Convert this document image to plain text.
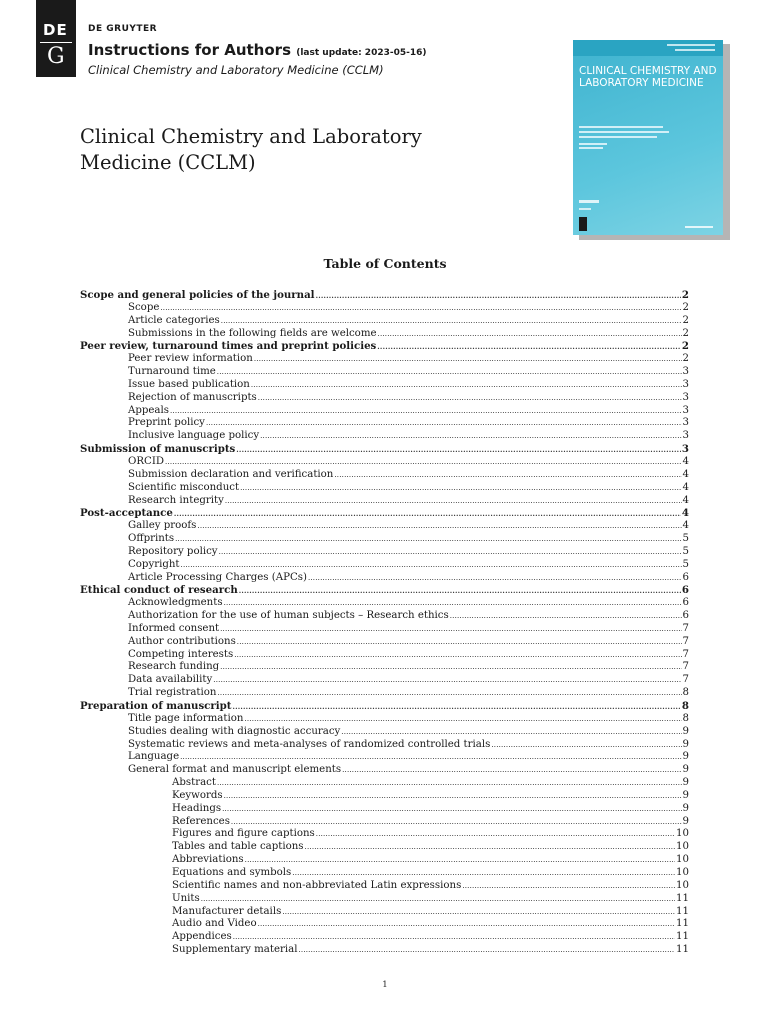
DE
G
DE GRUYTER
Instructions for Authors (last update: 2023-05-16)
Clinical Chemistry and Laboratory Medicine (CCLM)
Clinical Chemistry and Laboratory Medicine (CCLM)
CLINICAL CHEMISTRY AND LABORATORY MEDICINE
Table of Contents
Scope and general policies of the journal .....	2
Scope .....	2
Article categories .....	2
Submissions in the following fields are welcome .....	2
Peer review, turnaround times and preprint policies .....	2
Peer review information .....	2
Turnaround time .....	3
Issue based publication .....	3
Rejection of manuscripts .....	3
Appeals .....	3
Preprint policy .....	3
Inclusive language policy .....	3
Submission of manuscripts .....	3
ORCID .....	4
Submission declaration and verification .....	4
Scientific misconduct .....	4
Research integrity .....	4
Post-acceptance .....	4
Galley proofs .....	4
Offprints .....	5
Repository policy .....	5
Copyright .....	5
Article Processing Charges (APCs) .....	6
Ethical conduct of research .....	6
Acknowledgments .....	6
Authorization for the use of human subjects – Research ethics .....	6
Informed consent .....	7
Author contributions .....	7
Competing interests .....	7
Research funding .....	7
Data availability .....	7
Trial registration .....	8
Preparation of manuscript .....	8
Title page information .....	8
Studies dealing with diagnostic accuracy .....	9
Systematic reviews and meta-analyses of randomized controlled trials .....	9
Language .....	9
General format and manuscript elements .....	9
Abstract .....	9
Keywords .....	9
Headings .....	9
References .....	9
Figures and figure captions .....	10
Tables and table captions .....	10
Abbreviations .....	10
Equations and symbols .....	10
Scientific names and non-abbreviated Latin expressions .....	10
Units .....	11
Manufacturer details .....	11
Audio and Video .....	11
Appendices .....	11
Supplementary material .....	11
1
